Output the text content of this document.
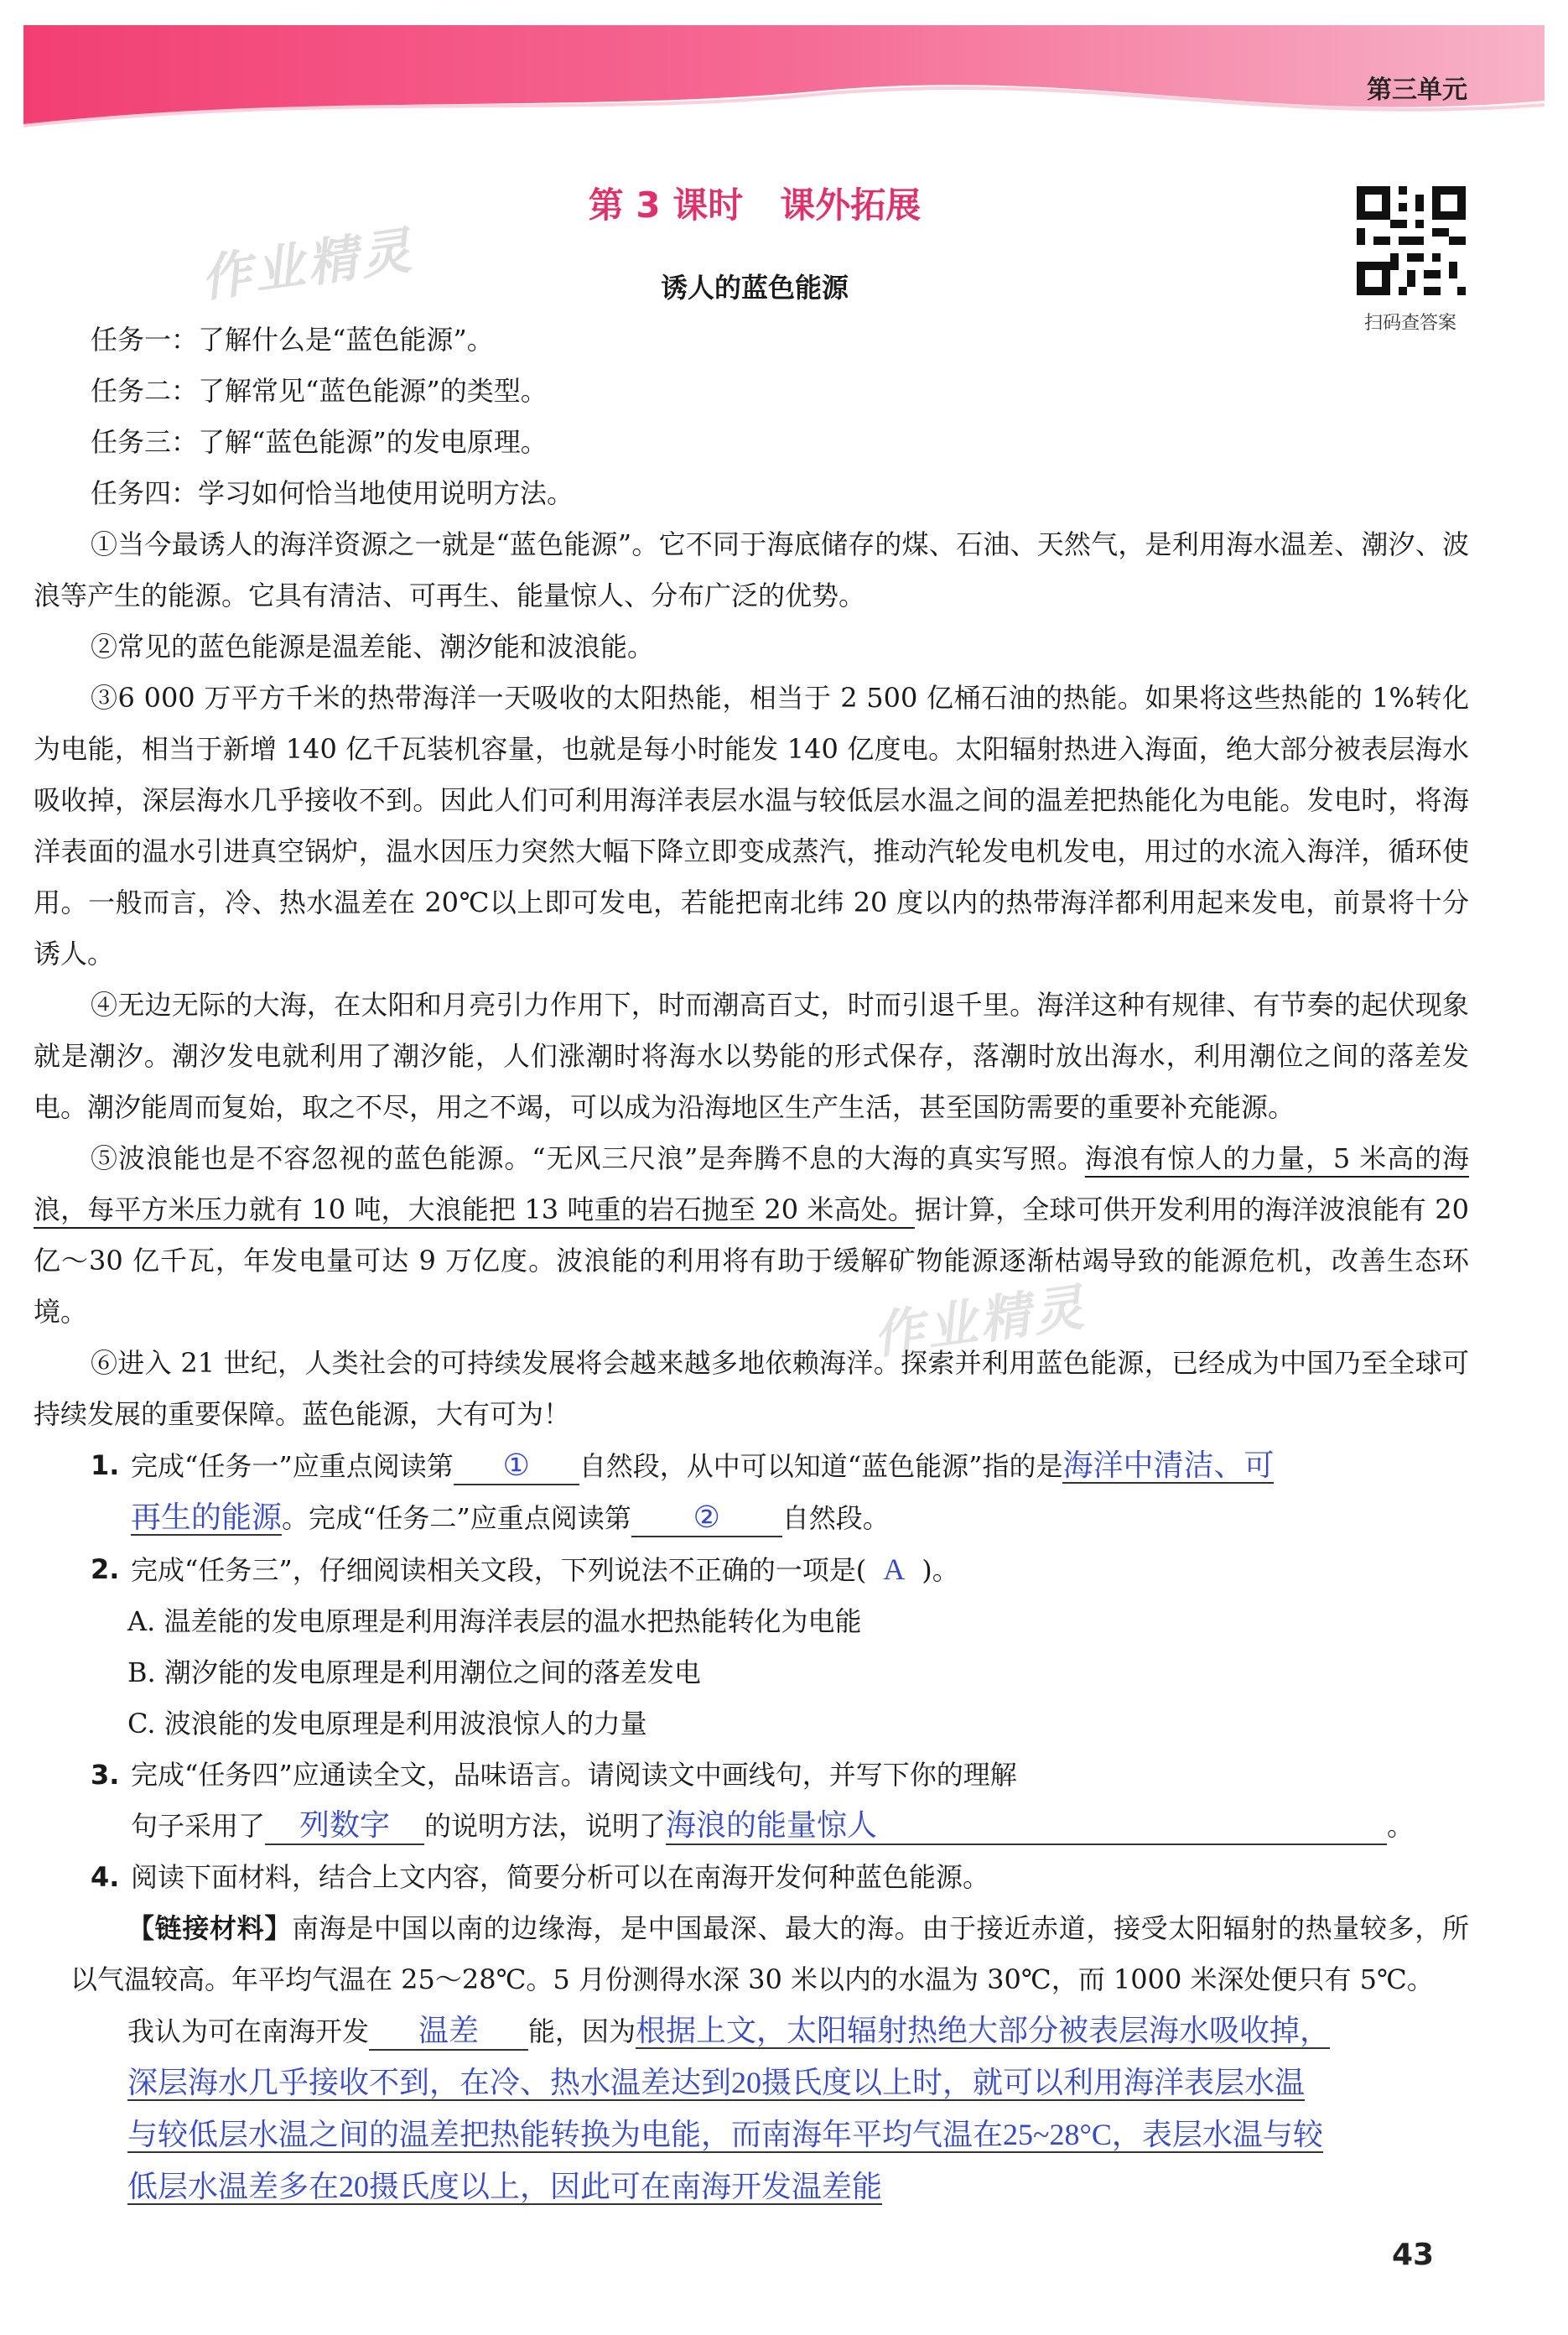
第三单元
第 3 课时 课外拓展
扫码查答案
作业精灵
作业精灵
诱人的蓝色能源

任务一：了解什么是“蓝色能源”。

任务二：了解常见“蓝色能源”的类型。

任务三：了解“蓝色能源”的发电原理。

任务四：学习如何恰当地使用说明方法。

①当今最诱人的海洋资源之一就是“蓝色能源”。它不同于海底储存的煤、石油、天然气，是利用海水温差、潮汐、波浪等产生的能源。它具有清洁、可再生、能量惊人、分布广泛的优势。

②常见的蓝色能源是温差能、潮汐能和波浪能。

③6 000 万平方千米的热带海洋一天吸收的太阳热能，相当于 2 500 亿桶石油的热能。如果将这些热能的 1%转化为电能，相当于新增 140 亿千瓦装机容量，也就是每小时能发 140 亿度电。太阳辐射热进入海面，绝大部分被表层海水吸收掉，深层海水几乎接收不到。因此人们可利用海洋表层水温与较低层水温之间的温差把热能化为电能。发电时，将海洋表面的温水引进真空锅炉，温水因压力突然大幅下降立即变成蒸汽，推动汽轮发电机发电，用过的水流入海洋，循环使用。一般而言，冷、热水温差在 20℃以上即可发电，若能把南北纬 20 度以内的热带海洋都利用起来发电，前景将十分诱人。

④无边无际的大海，在太阳和月亮引力作用下，时而潮高百丈，时而引退千里。海洋这种有规律、有节奏的起伏现象就是潮汐。潮汐发电就利用了潮汐能，人们涨潮时将海水以势能的形式保存，落潮时放出海水，利用潮位之间的落差发电。潮汐能周而复始，取之不尽，用之不竭，可以成为沿海地区生产生活，甚至国防需要的重要补充能源。

⑤波浪能也是不容忽视的蓝色能源。“无风三尺浪”是奔腾不息的大海的真实写照。海浪有惊人的力量，5 米高的海浪，每平方米压力就有 10 吨，大浪能把 13 吨重的岩石抛至 20 米高处。据计算，全球可供开发利用的海洋波浪能有 20 亿～30 亿千瓦，年发电量可达 9 万亿度。波浪能的利用将有助于缓解矿物能源逐渐枯竭导致的能源危机，改善生态环境。

⑥进入 21 世纪，人类社会的可持续发展将会越来越多地依赖海洋。探索并利用蓝色能源，已经成为中国乃至全球可持续发展的重要保障。蓝色能源，大有可为！

1. 完成“任务一”应重点阅读第 ① 自然段，从中可以知道“蓝色能源”指的是海洋中清洁、可
再生的能源。完成“任务二”应重点阅读第 ② 自然段。
2. 完成“任务三”，仔细阅读相关文段，下列说法不正确的一项是( A )。

A. 温差能的发电原理是利用海洋表层的温水把热能转化为电能

B. 潮汐能的发电原理是利用潮位之间的落差发电

C. 波浪能的发电原理是利用波浪惊人的力量

3. 完成“任务四”应通读全文，品味语言。请阅读文中画线句，并写下你的理解
句子采用了 列数字 的说明方法，说明了海浪的能量惊人	。
4. 阅读下面材料，结合上文内容，简要分析可以在南海开发何种蓝色能源。

【链接材料】南海是中国以南的边缘海，是中国最深、最大的海。由于接近赤道，接受太阳辐射的热量较多，所以气温较高。年平均气温在 25～28℃。5 月份测得水深 30 米以内的水温为 30℃，而 1000 米深处便只有 5℃。

我认为可在南海开发 温差 能，因为根据上文，太阳辐射热绝大部分被表层海水吸收掉，
深层海水几乎接收不到，在冷、热水温差达到20摄氏度以上时，就可以利用海洋表层水温
与较低层水温之间的温差把热能转换为电能，而南海年平均气温在25~28°C，表层水温与较
低层水温差多在20摄氏度以上，因此可在南海开发温差能

43
